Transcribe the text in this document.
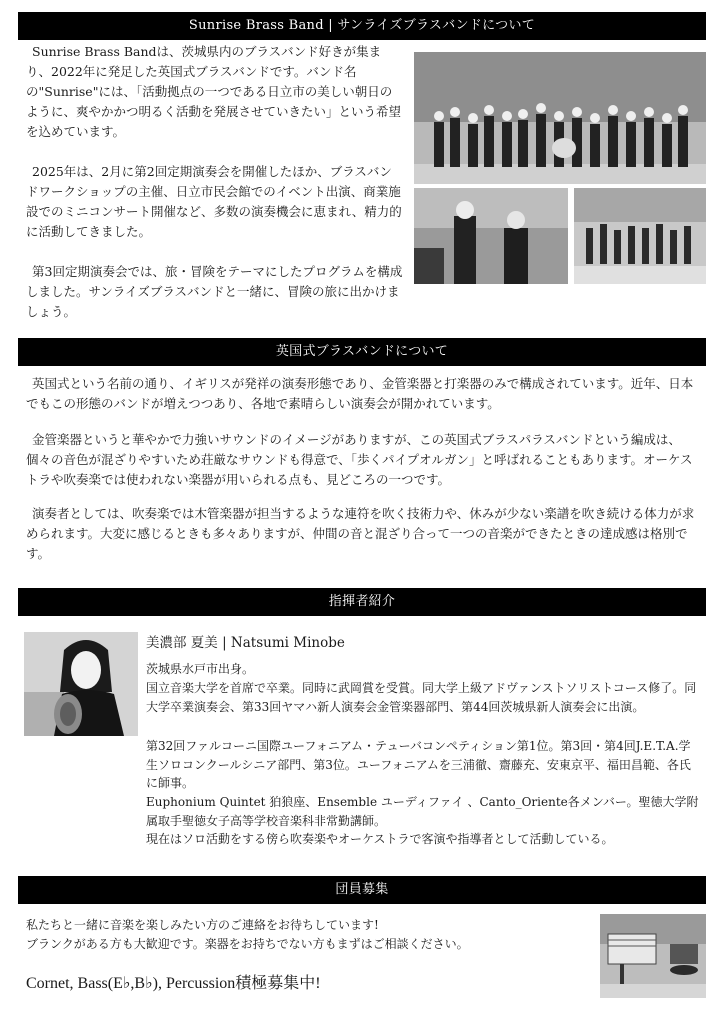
Sunrise Brass Band | サンライズブラスバンドについて

Sunrise Brass Bandは、茨城県内のブラスバンド好きが集まり、2022年に発足した英国式ブラスバンドです。バンド名の"Sunrise"には、「活動拠点の一つである日立市の美しい朝日のように、爽やかかつ明るく活動を発展させていきたい」という希望を込めています。

2025年は、2月に第2回定期演奏会を開催したほか、ブラスバンドワークショップの主催、日立市民会館でのイベント出演、商業施設でのミニコンサート開催など、多数の演奏機会に恵まれ、精力的に活動してきました。

第3回定期演奏会では、旅・冒険をテーマにしたプログラムを構成しました。サンライズブラスバンドと一緒に、冒険の旅に出かけましょう。

英国式ブラスバンドについて

英国式という名前の通り、イギリスが発祥の演奏形態であり、金管楽器と打楽器のみで構成されています。近年、日本でもこの形態のバンドが増えつつあり、各地で素晴らしい演奏会が開かれています。

金管楽器というと華やかで力強いサウンドのイメージがありますが、この英国式ブラスパラスバンドという編成は、個々の音色が混ざりやすいため荘厳なサウンドも得意で、「歩くパイプオルガン」と呼ばれることもあります。オーケストラや吹奏楽では使われない楽器が用いられる点も、見どころの一つです。

演奏者としては、吹奏楽では木管楽器が担当するような連符を吹く技術力や、休みが少ない楽譜を吹き続ける体力が求められます。大変に感じるときも多々ありますが、仲間の音と混ざり合って一つの音楽ができたときの達成感は格別です。

指揮者紹介
美濃部 夏美 | Natsumi Minobe

茨城県水戸市出身。

国立音楽大学を首席で卒業。同時に武岡賞を受賞。同大学上級アドヴァンストソリストコース修了。同大学卒業演奏会、第33回ヤマハ新人演奏会金管楽器部門、第44回茨城県新人演奏会に出演。

第32回ファルコーニ国際ユーフォニアム・テューバコンペティション第1位。第3回・第4回J.E.T.A.学生ソロコンクールシニア部門、第3位。ユーフォニアムを三浦徹、齋藤充、安東京平、福田昌範、各氏に師事。

Euphonium Quintet 狛狼座、Ensemble ユーディファイ 、Canto_Oriente各メンバー。聖徳大学附属取手聖徳女子高等学校音楽科非常勤講師。

現在はソロ活動をする傍ら吹奏楽やオーケストラで客演や指導者として活動している。

団員募集

私たちと一緒に音楽を楽しみたい方のご連絡をお待ちしています!

ブランクがある方も大歓迎です。楽器をお持ちでない方もまずはご相談ください。

Cornet, Bass(E♭,B♭), Percussion積極募集中!
